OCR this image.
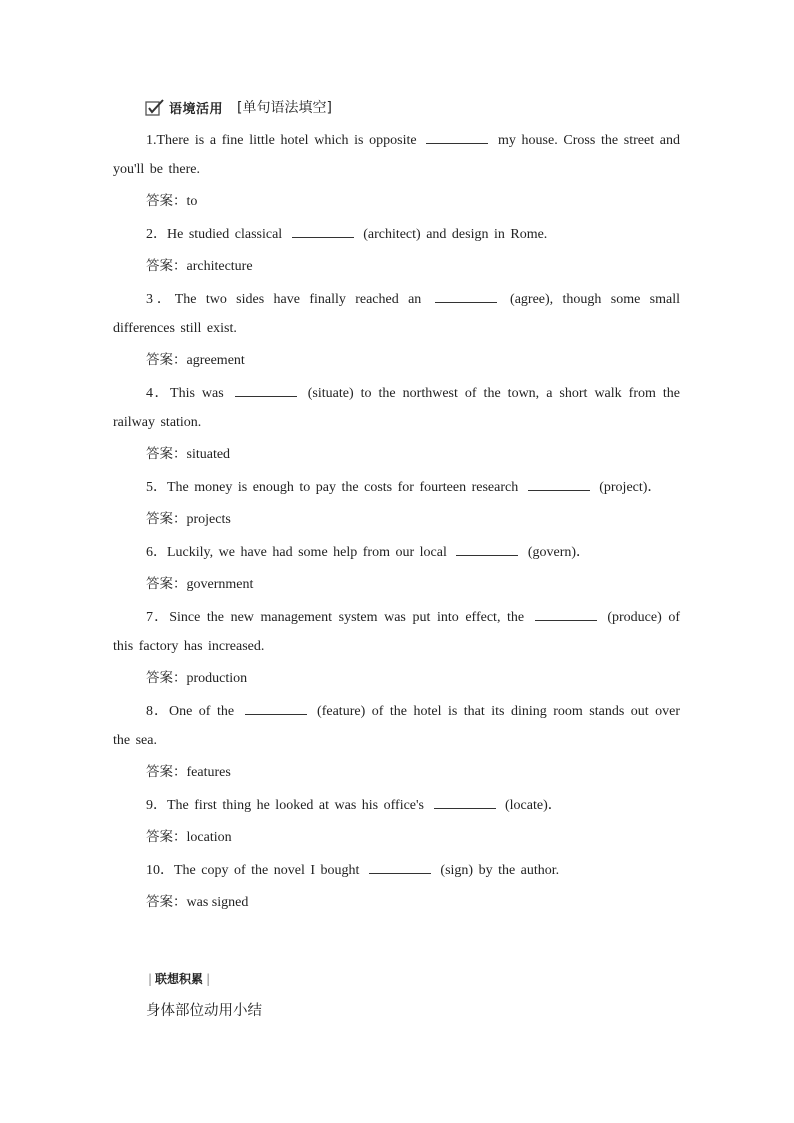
语境活用 [单句语法填空]
1.There is a fine little hotel which is opposite	my house. Cross the street and you'll be there.
答案：to
2．He studied classical	(architect) and design in Rome.
答案：architecture
3．The two sides have finally reached an	(agree), though some small differences still exist.
答案：agreement
4．This was	(situate) to the northwest of the town, a short walk from the railway station.
答案：situated
5．The money is enough to pay the costs for fourteen research	(project)．
答案：projects
6．Luckily, we have had some help from our local	(govern)．
答案：government
7．Since the new management system was put into effect, the	(produce) of this factory has increased.
答案：production
8．One of the	(feature) of the hotel is that its dining room stands out over the sea.
答案：features
9．The first thing he looked at was his office's	(locate)．
答案：location
10．The copy of the novel I bought	(sign) by the author.
答案：was signed
| 联想积累 |
身体部位动用小结
